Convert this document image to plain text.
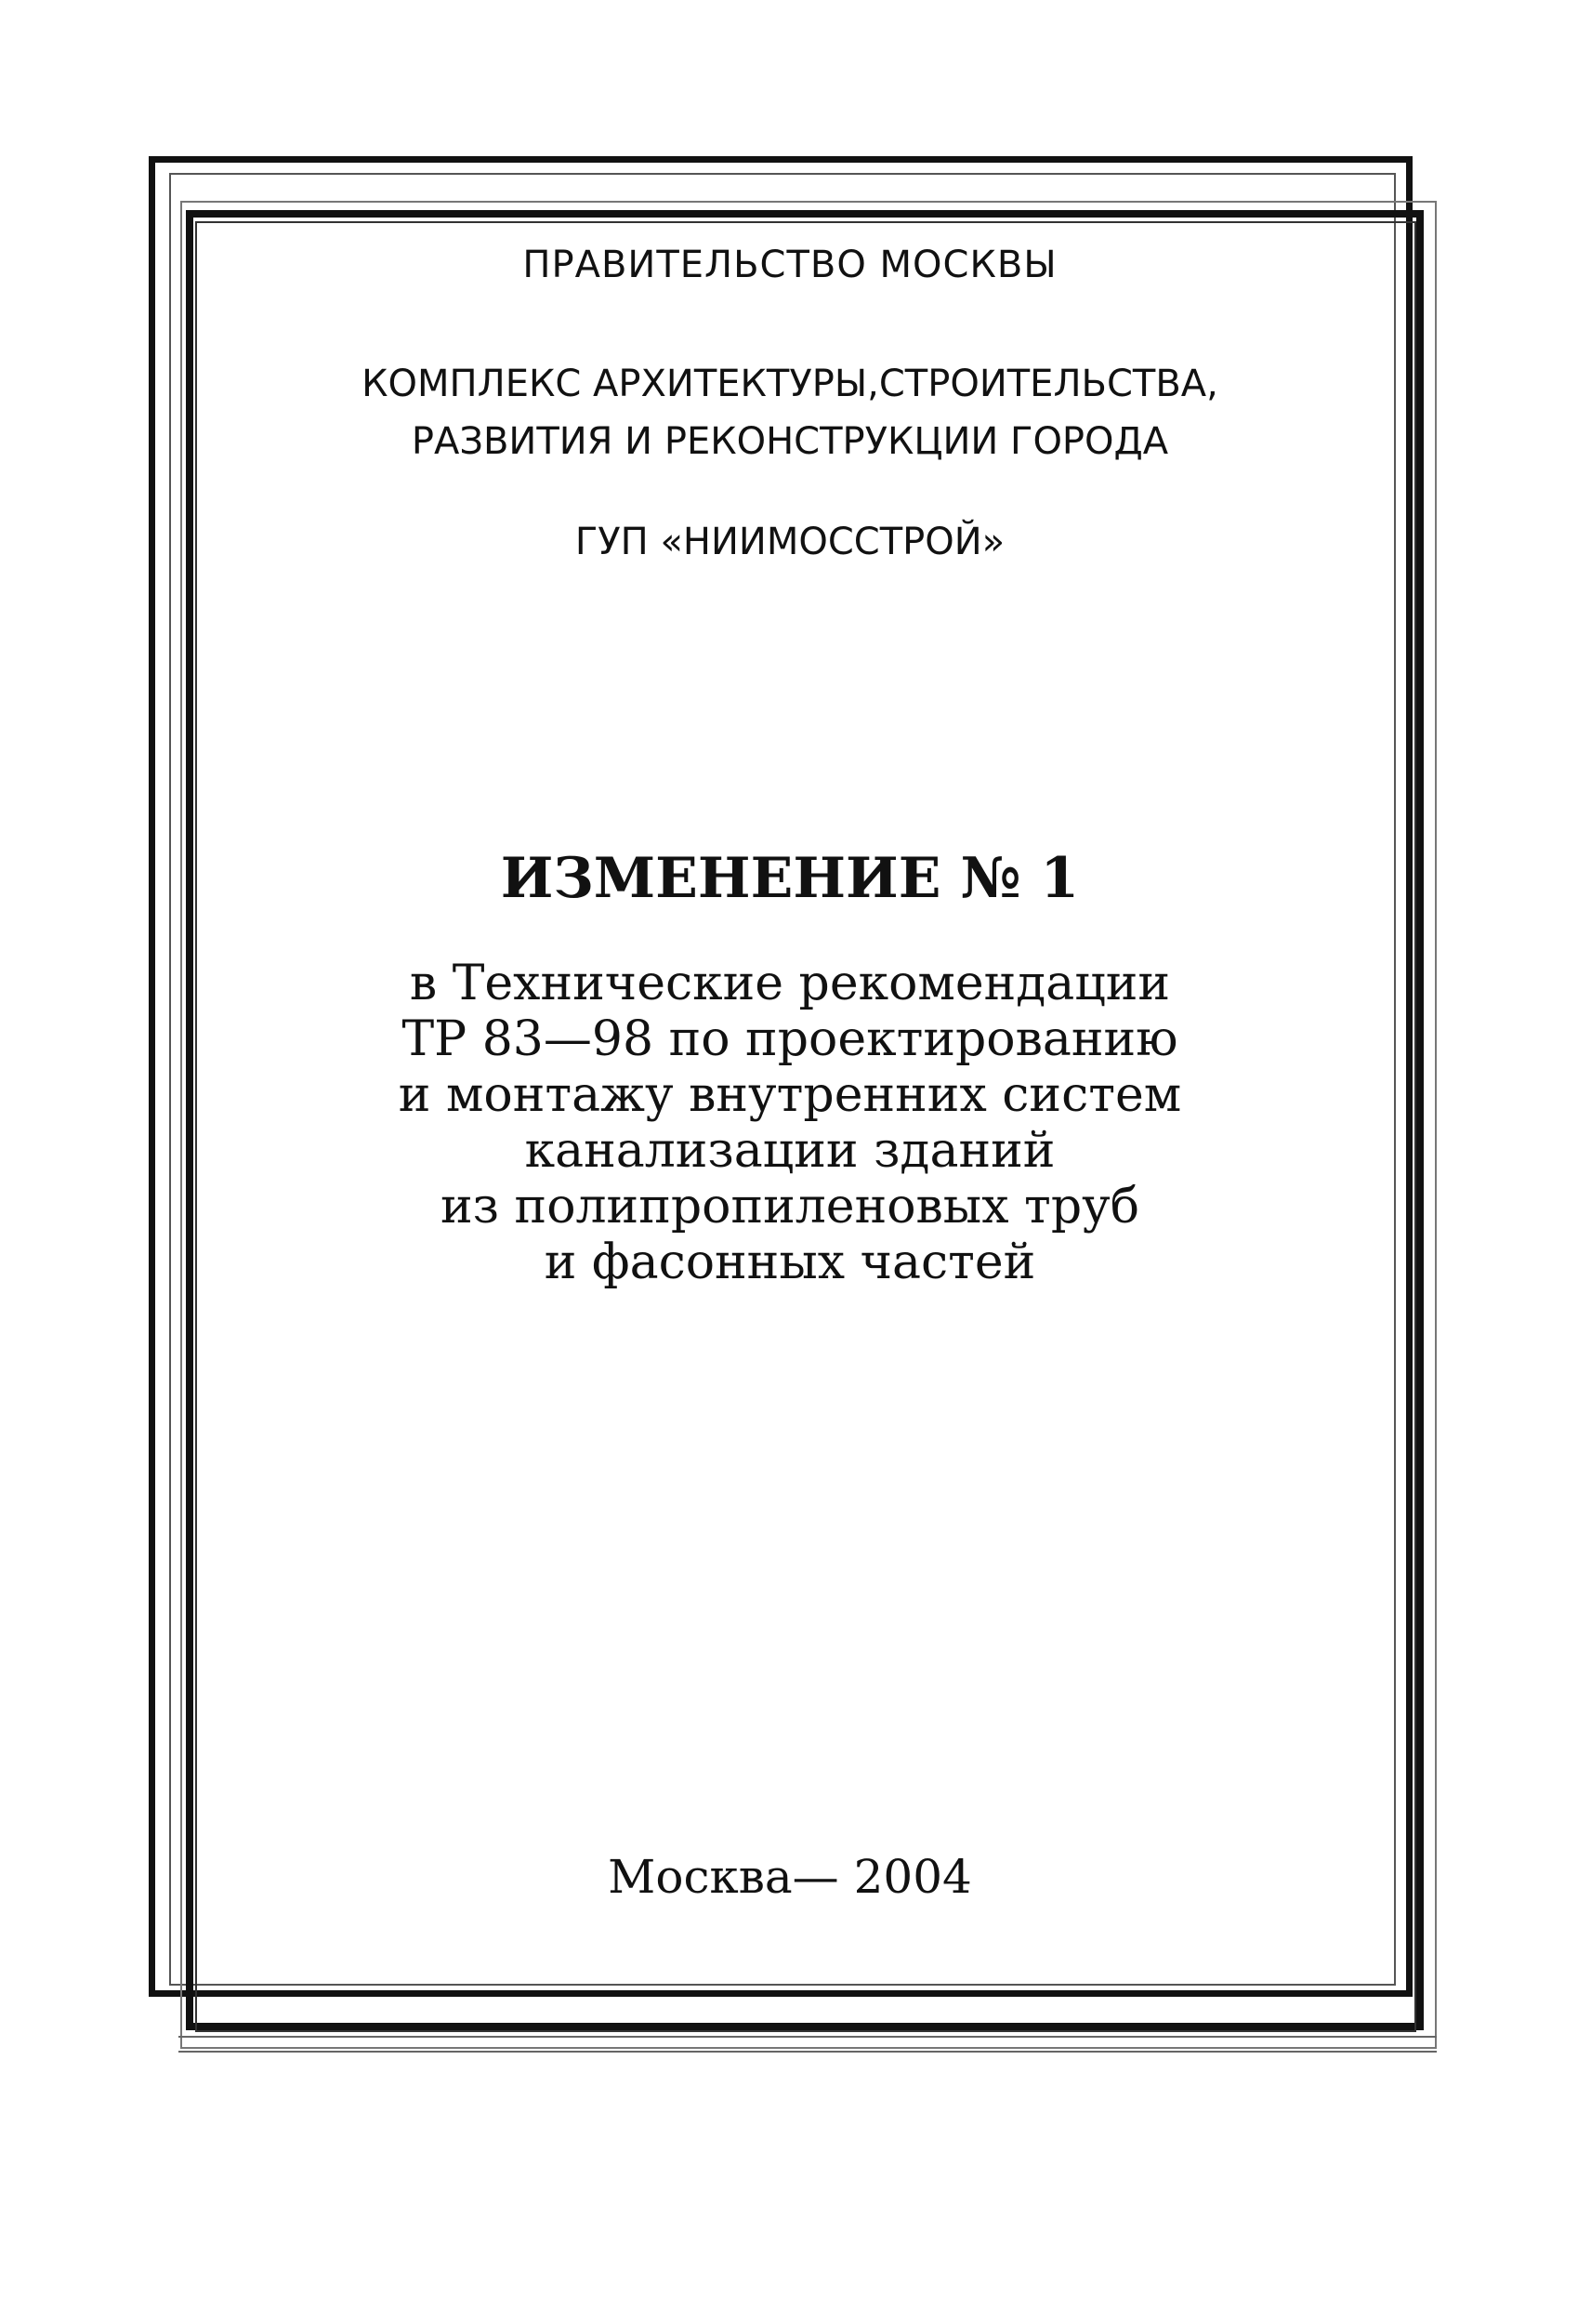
ПРАВИТЕЛЬСТВО МОСКВЫ
КОМПЛЕКС АРХИТЕКТУРЫ,СТРОИТЕЛЬСТВА,
РАЗВИТИЯ И РЕКОНСТРУКЦИИ ГОРОДА
ГУП «НИИМОССТРОЙ»
ИЗМЕНЕНИЕ № 1
в Технические рекомендации
ТР 83—98 по проектированию
и монтажу внутренних систем
канализации зданий
из полипропиленовых труб
и фасонных частей
Москва— 2004
